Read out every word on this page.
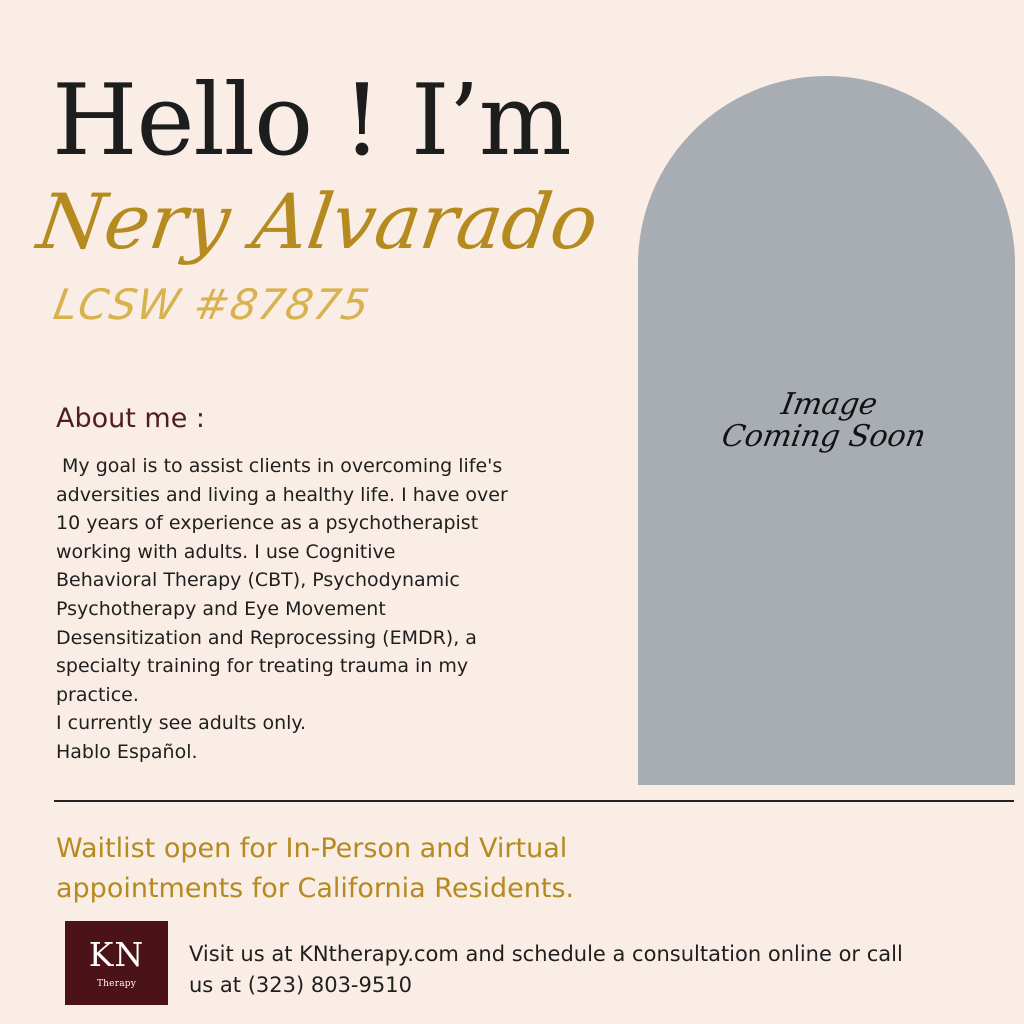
Hello ! I’m
Nery Alvarado
LCSW #87875
Image
Coming Soon
About me :
My goal is to assist clients in overcoming life's
adversities and living a healthy life. I have over
10 years of experience as a psychotherapist
working with adults. I use Cognitive
Behavioral Therapy (CBT), Psychodynamic
Psychotherapy and Eye Movement
Desensitization and Reprocessing (EMDR), a
specialty training for treating trauma in my
practice.
I currently see adults only.
Hablo Español.
Waitlist open for In-Person and Virtual
appointments for California Residents.
KN
Therapy
Visit us at KNtherapy.com and schedule a consultation online or call
us at (323) 803-9510
